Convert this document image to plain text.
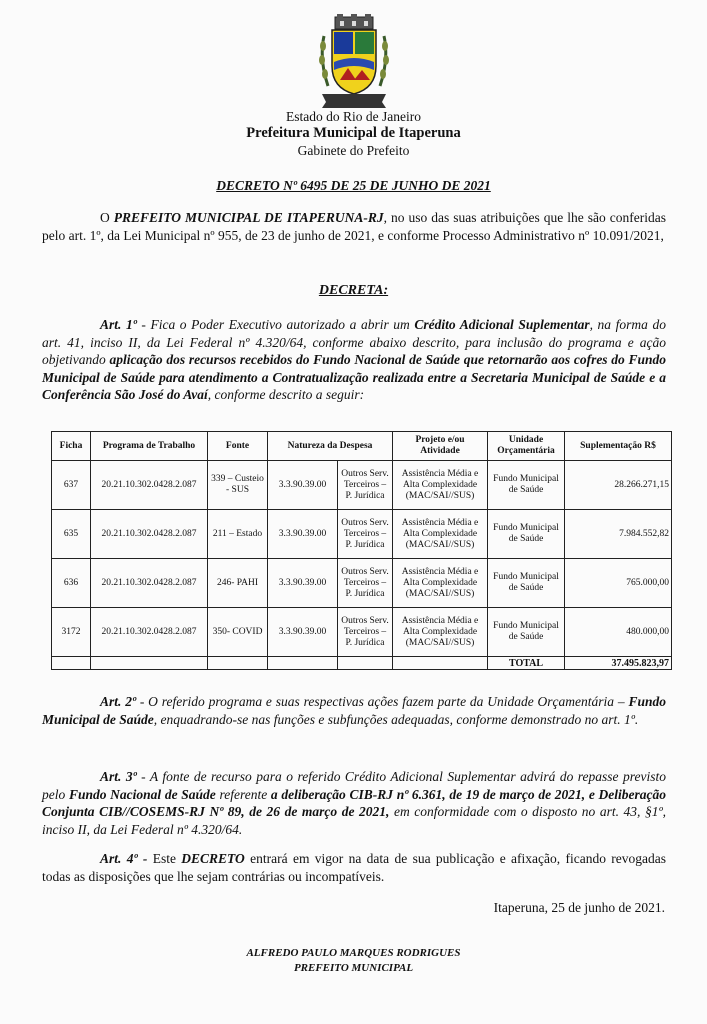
Estado do Rio de Janeiro
Prefeitura Municipal de Itaperuna
Gabinete do Prefeito
DECRETO Nº 6495 DE 25 DE JUNHO DE 2021
O PREFEITO MUNICIPAL DE ITAPERUNA-RJ, no uso das suas atribuições que lhe são conferidas pelo art. 1º, da Lei Municipal nº 955, de 23 de junho de 2021, e conforme Processo Administrativo nº 10.091/2021,
DECRETA:
Art. 1º - Fica o Poder Executivo autorizado a abrir um Crédito Adicional Suplementar, na forma do art. 41, inciso II, da Lei Federal nº 4.320/64, conforme abaixo descrito, para inclusão do programa e ação objetivando aplicação dos recursos recebidos do Fundo Nacional de Saúde que retornarão aos cofres do Fundo Municipal de Saúde para atendimento a Contratualização realizada entre a Secretaria Municipal de Saúde e a Conferência São José do Avaí, conforme descrito a seguir:
Ficha	Programa de Trabalho	Fonte	Natureza da Despesa		Projeto e/ou Atividade	Unidade Orçamentária	Suplementação R$
637	20.21.10.302.0428.2.087	339 – Custeio - SUS	3.3.90.39.00	Outros Serv. Terceiros – P. Jurídica	Assistência Média e Alta Complexidade (MAC/SAI//SUS)	Fundo Municipal de Saúde	28.266.271,15
635	20.21.10.302.0428.2.087	211 – Estado	3.3.90.39.00	Outros Serv. Terceiros – P. Jurídica	Assistência Média e Alta Complexidade (MAC/SAI//SUS)	Fundo Municipal de Saúde	7.984.552,82
636	20.21.10.302.0428.2.087	246- PAHI	3.3.90.39.00	Outros Serv. Terceiros – P. Jurídica	Assistência Média e Alta Complexidade (MAC/SAI//SUS)	Fundo Municipal de Saúde	765.000,00
3172	20.21.10.302.0428.2.087	350- COVID	3.3.90.39.00	Outros Serv. Terceiros – P. Jurídica	Assistência Média e Alta Complexidade (MAC/SAI//SUS)	Fundo Municipal de Saúde	480.000,00
						TOTAL	37.495.823,97
Art. 2º - O referido programa e suas respectivas ações fazem parte da Unidade Orçamentária – Fundo Municipal de Saúde, enquadrando-se nas funções e subfunções adequadas, conforme demonstrado no art. 1º.
Art. 3º - A fonte de recurso para o referido Crédito Adicional Suplementar advirá do repasse previsto pelo Fundo Nacional de Saúde referente a deliberação CIB-RJ nº 6.361, de 19 de março de 2021, e Deliberação Conjunta CIB//COSEMS-RJ Nº 89, de 26 de março de 2021, em conformidade com o disposto no art. 43, §1º, inciso II, da Lei Federal nº 4.320/64.
Art. 4º - Este DECRETO entrará em vigor na data de sua publicação e afixação, ficando revogadas todas as disposições que lhe sejam contrárias ou incompatíveis.
Itaperuna, 25 de junho de 2021.
ALFREDO PAULO MARQUES RODRIGUES
PREFEITO MUNICIPAL
